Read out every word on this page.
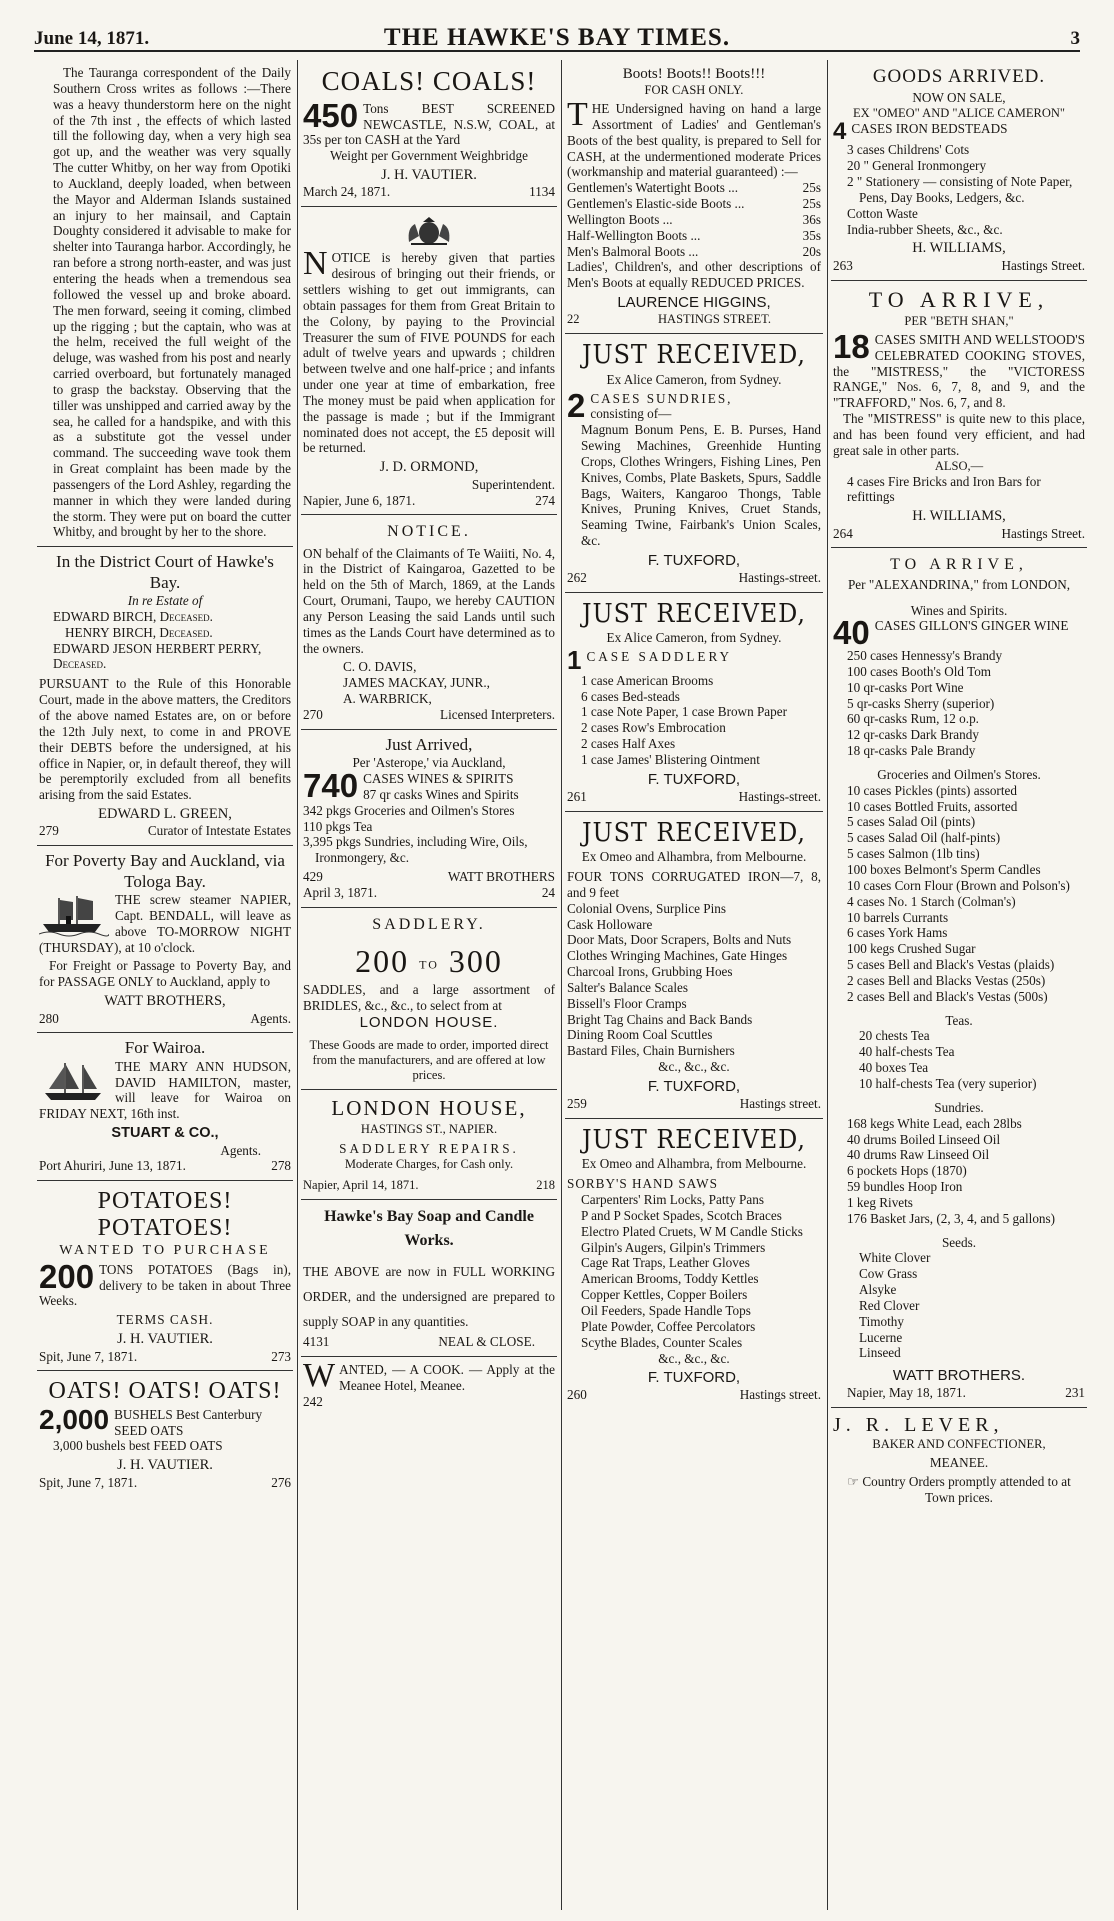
June 14, 1871.	THE HAWKE'S BAY TIMES.	3

The Tauranga correspondent of the Daily Southern Cross writes as follows :—There was a heavy thunderstorm here on the night of the 7th inst , the effects of which lasted till the following day, when a very high sea got up, and the weather was very squally The cutter Whitby, on her way from Opotiki to Auckland, deeply loaded, when between the Mayor and Alderman Islands sustained an injury to her mainsail, and Captain Doughty considered it advisable to make for shelter into Tauranga harbor. Accordingly, he ran before a strong north-easter, and was just entering the heads when a tremendous sea followed the vessel up and broke aboard. The men forward, seeing it coming, climbed up the rigging ; but the captain, who was at the helm, received the full weight of the deluge, was washed from his post and nearly carried overboard, but fortunately managed to grasp the backstay. Observing that the tiller was unshipped and carried away by the sea, he called for a handspike, and with this as a substitute got the vessel under command. The succeeding wave took them in Great complaint has been made by the passengers of the Lord Ashley, regarding the manner in which they were landed during the storm. They were put on board the cutter Whitby, and brought by her to the shore.

In the District Court of Hawke's Bay.
In re Estate of
EDWARD BIRCH, Deceased.
HENRY BIRCH, Deceased.
EDWARD JESON HERBERT PERRY, Deceased.

PURSUANT to the Rule of this Honorable Court, made in the above matters, the Creditors of the above named Estates are, on or before the 12th July next, to come in and PROVE their DEBTS before the undersigned, at his office in Napier, or, in default thereof, they will be peremptorily excluded from all benefits arising from the said Estates.

EDWARD L. GREEN,
279	Curator of Intestate Estates
For Poverty Bay and Auckland, via Tologa Bay.

THE screw steamer NAPIER, Capt. BENDALL, will leave as above TO-MORROW NIGHT (THURSDAY), at 10 o'clock.

For Freight or Passage to Poverty Bay, and for PASSAGE ONLY to Auckland, apply to

WATT BROTHERS,
280	Agents.
For Wairoa.

THE MARY ANN HUDSON, DAVID HAMILTON, master, will leave for Wairoa on FRIDAY NEXT, 16th inst.

STUART & CO.,
Agents.
Port Ahuriri, June 13, 1871.	278
POTATOES! POTATOES!
WANTED TO PURCHASE

200 TONS POTATOES (Bags in), delivery to be taken in about Three Weeks.

TERMS CASH.
J. H. VAUTIER.
Spit, June 7, 1871.	273
OATS! OATS! OATS!

2,000 BUSHELS Best Canterbury SEED OATS

3,000 bushels best FEED OATS
J. H. VAUTIER.
Spit, June 7, 1871.	276
COALS! COALS!

450 Tons BEST SCREENED NEWCASTLE, N.S.W, COAL, at 35s per ton CASH at the Yard

Weight per Government Weighbridge
J. H. VAUTIER.
March 24, 1871.	1134

NOTICE is hereby given that parties desirous of bringing out their friends, or settlers wishing to get out immigrants, can obtain passages for them from Great Britain to the Colony, by paying to the Provincial Treasurer the sum of FIVE POUNDS for each adult of twelve years and upwards ; children between twelve and one half-price ; and infants under one year at time of embarkation, free The money must be paid when application for the passage is made ; but if the Immigrant nominated does not accept, the £5 deposit will be returned.

J. D. ORMOND,
Superintendent.
Napier, June 6, 1871.	274
NOTICE.

ON behalf of the Claimants of Te Waiiti, No. 4, in the District of Kaingaroa, Gazetted to be held on the 5th of March, 1869, at the Lands Court, Orumani, Taupo, we hereby CAUTION any Person Leasing the said Lands until such times as the Lands Court have determined as to the owners.

C. O. DAVIS,
JAMES MACKAY, JUNR.,
A. WARBRICK,
270	Licensed Interpreters.
Just Arrived,
Per 'Asterope,' via Auckland,

740 CASES WINES & SPIRITS
87 qr casks Wines and Spirits

342 pkgs Groceries and Oilmen's Stores
110 pkgs Tea
3,395 pkgs Sundries, including Wire, Oils, Ironmongery, &c.
429	WATT BROTHERS
April 3, 1871.	24
SADDLERY.
200 TO 300

SADDLES, and a large assortment of BRIDLES, &c., &c., to select from at

LONDON HOUSE.

These Goods are made to order, imported direct from the manufacturers, and are offered at low prices.

LONDON HOUSE,
HASTINGS ST., NAPIER.
SADDLERY REPAIRS.
Moderate Charges, for Cash only.
Napier, April 14, 1871.	218
Hawke's Bay Soap and Candle Works.

THE ABOVE are now in FULL WORKING ORDER, and the undersigned are prepared to supply SOAP in any quantities.

4131	NEAL & CLOSE.

WANTED, — A COOK. — Apply at the Meanee Hotel, Meanee.

242
Boots! Boots!! Boots!!!
FOR CASH ONLY.

THE Undersigned having on hand a large Assortment of Ladies' and Gentleman's Boots of the best quality, is prepared to Sell for CASH, at the undermentioned moderate Prices (workmanship and material guaranteed) :—

Gentlemen's Watertight Boots ...	25s
Gentlemen's Elastic-side Boots ...	25s
Wellington Boots ...	36s
Half-Wellington Boots ...	35s
Men's Balmoral Boots ...	20s

Ladies', Children's, and other descriptions of Men's Boots at equally REDUCED PRICES.

LAURENCE HIGGINS,
22	HASTINGS STREET.
JUST RECEIVED,
Ex Alice Cameron, from Sydney.

2 CASES SUNDRIES,
consisting of—

Magnum Bonum Pens, E. B. Purses, Hand Sewing Machines, Greenhide Hunting Crops, Clothes Wringers, Fishing Lines, Pen Knives, Combs, Plate Baskets, Spurs, Saddle Bags, Waiters, Kangaroo Thongs, Table Knives, Pruning Knives, Cruet Stands, Seaming Twine, Fairbank's Union Scales, &c.

F. TUXFORD,
262	Hastings-street.
JUST RECEIVED,
Ex Alice Cameron, from Sydney.

1 CASE SADDLERY

1 case American Brooms
6 cases Bed-steads
1 case Note Paper, 1 case Brown Paper
2 cases Row's Embrocation
2 cases Half Axes
1 case James' Blistering Ointment
F. TUXFORD,
261	Hastings-street.
JUST RECEIVED,
Ex Omeo and Alhambra, from Melbourne.

FOUR TONS CORRUGATED IRON—7, 8, and 9 feet

Colonial Ovens, Surplice Pins
Cask Holloware
Door Mats, Door Scrapers, Bolts and Nuts
Clothes Wringing Machines, Gate Hinges
Charcoal Irons, Grubbing Hoes
Salter's Balance Scales
Bissell's Floor Cramps
Bright Tag Chains and Back Bands
Dining Room Coal Scuttles
Bastard Files, Chain Burnishers
&c., &c., &c.
F. TUXFORD,
259	Hastings street.
JUST RECEIVED,
Ex Omeo and Alhambra, from Melbourne.

SORBY'S HAND SAWS

Carpenters' Rim Locks, Patty Pans
P and P Socket Spades, Scotch Braces
Electro Plated Cruets, W M Candle Sticks
Gilpin's Augers, Gilpin's Trimmers
Cage Rat Traps, Leather Gloves
American Brooms, Toddy Kettles
Copper Kettles, Copper Boilers
Oil Feeders, Spade Handle Tops
Plate Powder, Coffee Percolators
Scythe Blades, Counter Scales
&c., &c., &c.
F. TUXFORD,
260	Hastings street.
GOODS ARRIVED.
NOW ON SALE,
EX "OMEO" AND "ALICE CAMERON"

4 CASES IRON BEDSTEADS

3 cases Childrens' Cots
20 " General Ironmongery
2 " Stationery — consisting of Note Paper, Pens, Day Books, Ledgers, &c.
Cotton Waste
India-rubber Sheets, &c., &c.
H. WILLIAMS,
263	Hastings Street.
TO ARRIVE,
PER "BETH SHAN,"

18 CASES SMITH AND WELLSTOOD'S CELEBRATED COOKING STOVES, the "MISTRESS," the "VICTORESS RANGE," Nos. 6, 7, 8, and 9, and the "TRAFFORD," Nos. 6, 7, and 8.

The "MISTRESS" is quite new to this place, and has been found very efficient, and had great sale in other parts.

ALSO,—

4 cases Fire Bricks and Iron Bars for refittings

H. WILLIAMS,
264	Hastings Street.
TO ARRIVE,
Per "ALEXANDRINA," from LONDON,
Wines and Spirits.

40 CASES GILLON'S GINGER WINE

250 cases Hennessy's Brandy
100 cases Booth's Old Tom
10 qr-casks Port Wine
5 qr-casks Sherry (superior)
60 qr-casks Rum, 12 o.p.
12 qr-casks Dark Brandy
18 qr-casks Pale Brandy
Groceries and Oilmen's Stores.
10 cases Pickles (pints) assorted
10 cases Bottled Fruits, assorted
5 cases Salad Oil (pints)
5 cases Salad Oil (half-pints)
5 cases Salmon (1lb tins)
100 boxes Belmont's Sperm Candles
10 cases Corn Flour (Brown and Polson's)
4 cases No. 1 Starch (Colman's)
10 barrels Currants
6 cases York Hams
100 kegs Crushed Sugar
5 cases Bell and Black's Vestas (plaids)
2 cases Bell and Blacks Vestas (250s)
2 cases Bell and Black's Vestas (500s)
Teas.
20 chests Tea
40 half-chests Tea
40 boxes Tea
10 half-chests Tea (very superior)
Sundries.
168 kegs White Lead, each 28lbs
40 drums Boiled Linseed Oil
40 drums Raw Linseed Oil
6 pockets Hops (1870)
59 bundles Hoop Iron
1 keg Rivets
176 Basket Jars, (2, 3, 4, and 5 gallons)
Seeds.
White Clover
Cow Grass
Alsyke
Red Clover
Timothy
Lucerne
Linseed
WATT BROTHERS.
Napier, May 18, 1871.	231
J. R. LEVER,
BAKER AND CONFECTIONER,
MEANEE.

☞ Country Orders promptly attended to at Town prices.
